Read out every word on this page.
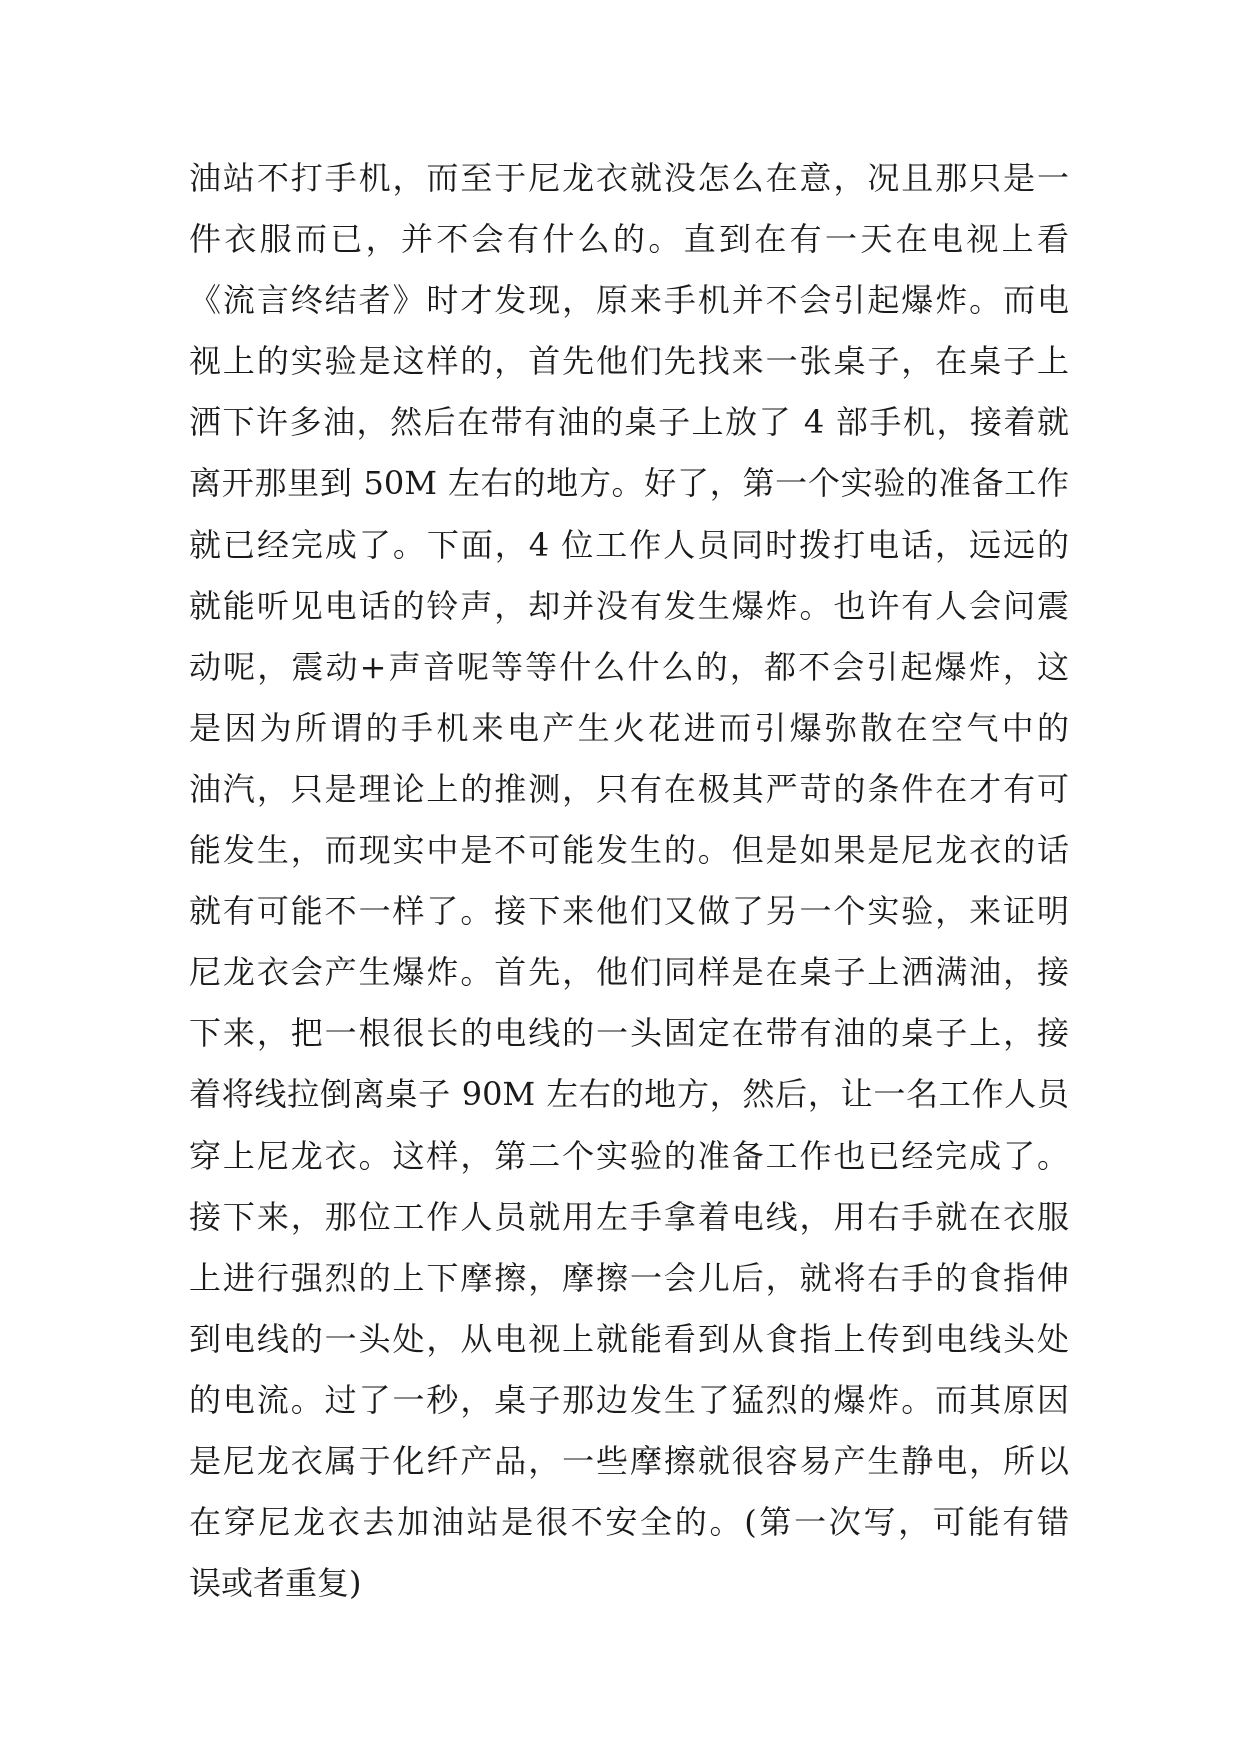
油站不打手机，而至于尼龙衣就没怎么在意，况且那只是一
件衣服而已，并不会有什么的。直到在有一天在电视上看
《流言终结者》时才发现，原来手机并不会引起爆炸。而电
视上的实验是这样的，首先他们先找来一张桌子，在桌子上
洒下许多油，然后在带有油的桌子上放了 4 部手机，接着就
离开那里到 50M 左右的地方。好了，第一个实验的准备工作
就已经完成了。下面，4 位工作人员同时拨打电话，远远的
就能听见电话的铃声，却并没有发生爆炸。也许有人会问震
动呢，震动+声音呢等等什么什么的，都不会引起爆炸，这
是因为所谓的手机来电产生火花进而引爆弥散在空气中的
油汽，只是理论上的推测，只有在极其严苛的条件在才有可
能发生，而现实中是不可能发生的。但是如果是尼龙衣的话
就有可能不一样了。接下来他们又做了另一个实验，来证明
尼龙衣会产生爆炸。首先，他们同样是在桌子上洒满油，接
下来，把一根很长的电线的一头固定在带有油的桌子上，接
着将线拉倒离桌子 90M 左右的地方，然后，让一名工作人员
穿上尼龙衣。这样，第二个实验的准备工作也已经完成了。
接下来，那位工作人员就用左手拿着电线，用右手就在衣服
上进行强烈的上下摩擦，摩擦一会儿后，就将右手的食指伸
到电线的一头处，从电视上就能看到从食指上传到电线头处
的电流。过了一秒，桌子那边发生了猛烈的爆炸。而其原因
是尼龙衣属于化纤产品，一些摩擦就很容易产生静电，所以
在穿尼龙衣去加油站是很不安全的。(第一次写，可能有错
误或者重复)
